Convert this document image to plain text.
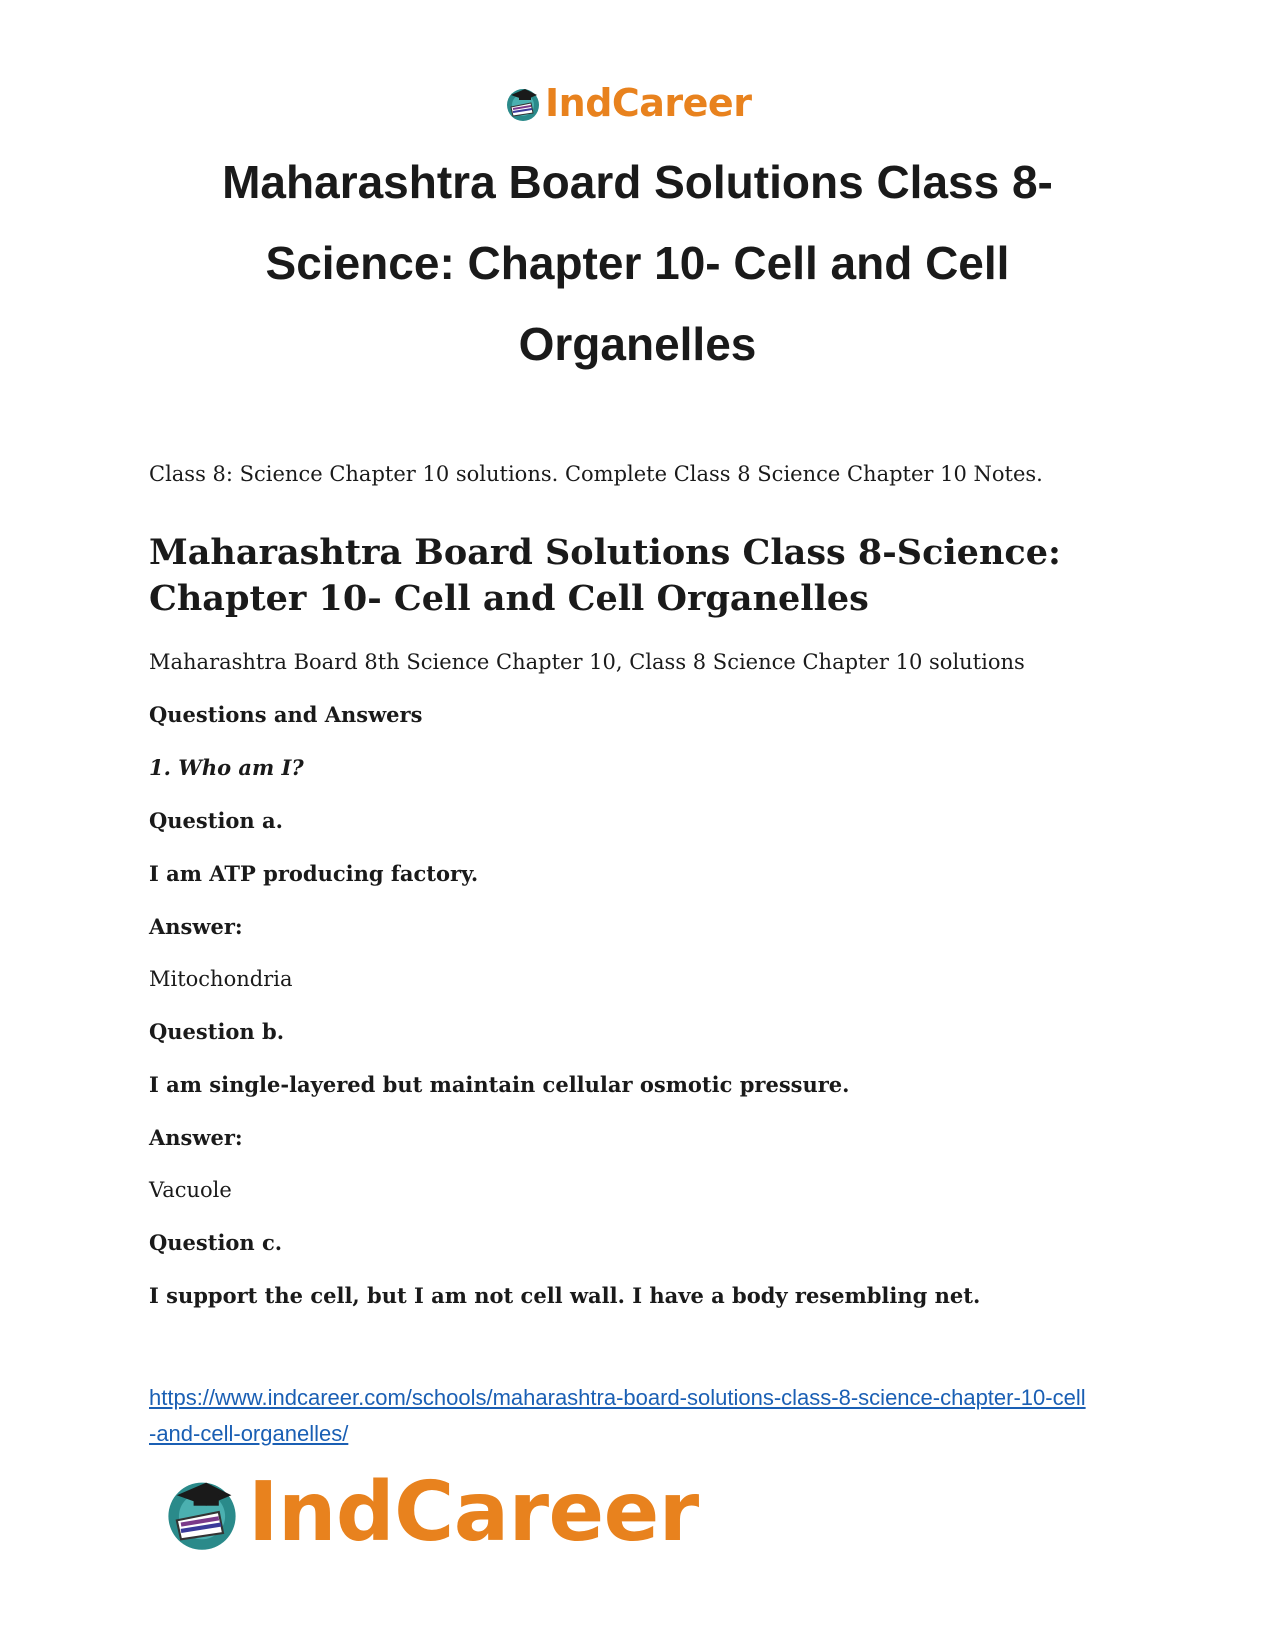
IndCareer
Maharashtra Board Solutions Class 8-Science: Chapter 10- Cell and Cell Organelles

Class 8: Science Chapter 10 solutions. Complete Class 8 Science Chapter 10 Notes.

Maharashtra Board Solutions Class 8-Science: Chapter 10- Cell and Cell Organelles

Maharashtra Board 8th Science Chapter 10, Class 8 Science Chapter 10 solutions

Questions and Answers

1. Who am I?

Question a.

I am ATP producing factory.

Answer:

Mitochondria

Question b.

I am single-layered but maintain cellular osmotic pressure.

Answer:

Vacuole

Question c.

I support the cell, but I am not cell wall. I have a body resembling net.

https://www.indcareer.com/schools/maharashtra-board-solutions-class-8-science-chapter-10-cell
-and-cell-organelles/
IndCareer
